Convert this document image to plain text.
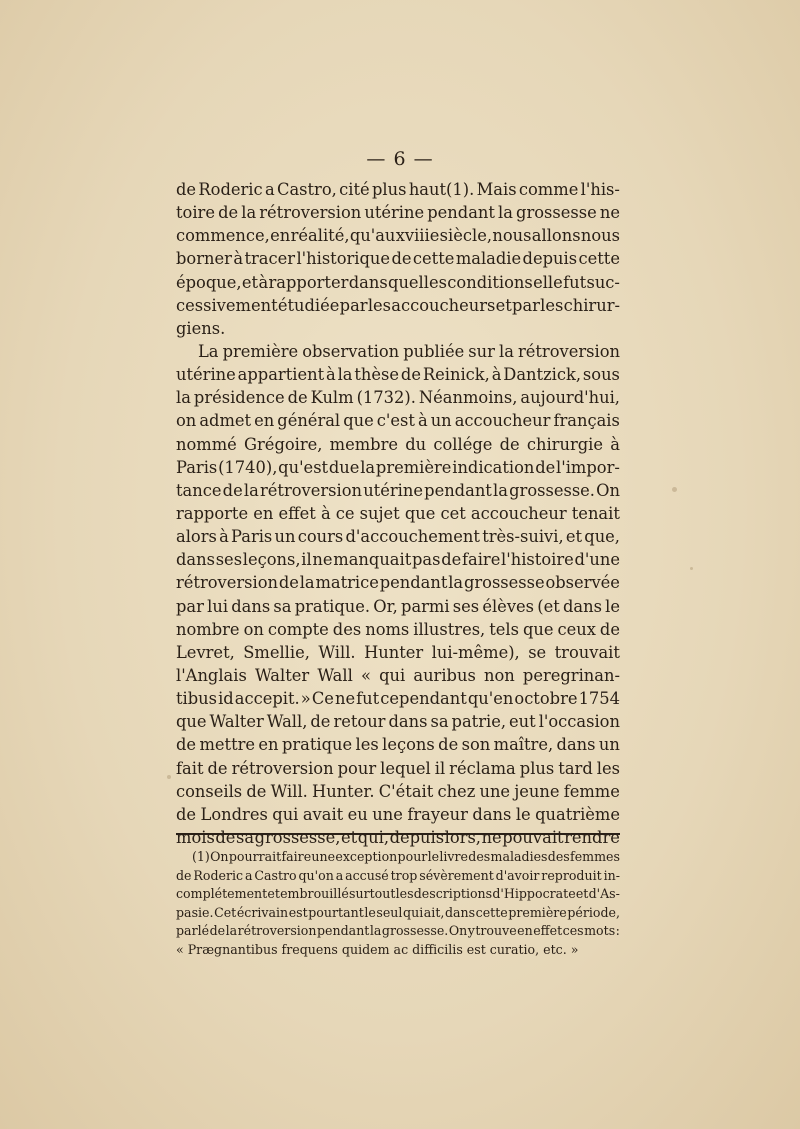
— 6 —
de Roderic a Castro, cité plus haut(1). Mais comme l'his-
toire de la rétroversion utérine pendant la grossesse ne
commence, en réalité, qu'au xviiie siècle, nous allons nous
borner à tracer l'historique de cette maladie depuis cette
époque, et à rapporter dans quelles conditions elle fut suc-
cessivement étudiée par les accoucheurs et par les chirur-
giens.
La première observation publiée sur la rétroversion
utérine appartient à la thèse de Reinick, à Dantzick, sous
la présidence de Kulm (1732). Néanmoins, aujourd'hui,
on admet en général que c'est à un accoucheur français
nommé Grégoire, membre du collége de chirurgie à
Paris (1740), qu'est due la première indication de l'impor-
tance de la rétroversion utérine pendant la grossesse. On
rapporte en effet à ce sujet que cet accoucheur tenait
alors à Paris un cours d'accouchement très-suivi, et que,
dans ses leçons, il ne manquait pas de faire l'histoire d'une
rétroversion de la matrice pendant la grossesse observée
par lui dans sa pratique. Or, parmi ses élèves (et dans le
nombre on compte des noms illustres, tels que ceux de
Levret, Smellie, Will. Hunter lui-même), se trouvait
l'Anglais Walter Wall « qui auribus non peregrinan-
tibus id accepit. » Ce ne fut cependant qu'en octobre 1754
que Walter Wall, de retour dans sa patrie, eut l'occasion
de mettre en pratique les leçons de son maître, dans un
fait de rétroversion pour lequel il réclama plus tard les
conseils de Will. Hunter. C'était chez une jeune femme
de Londres qui avait eu une frayeur dans le quatrième
mois de sa grossesse, et qui, depuis lors, ne pouvait rendre
(1) On pourrait faire une exception pour le livre des maladies des femmes
de Roderic a Castro qu'on a accusé trop sévèrement d'avoir reproduit in-
complétement et embrouillé surtout les descriptions d'Hippocrate et d'As-
pasie. Cet écrivain est pourtant le seul qui ait, dans cette première période,
parlé de la rétroversion pendant la grossesse. On y trouve en effet ces mots :
« Prægnantibus frequens quidem ac difficilis est curatio, etc. »
